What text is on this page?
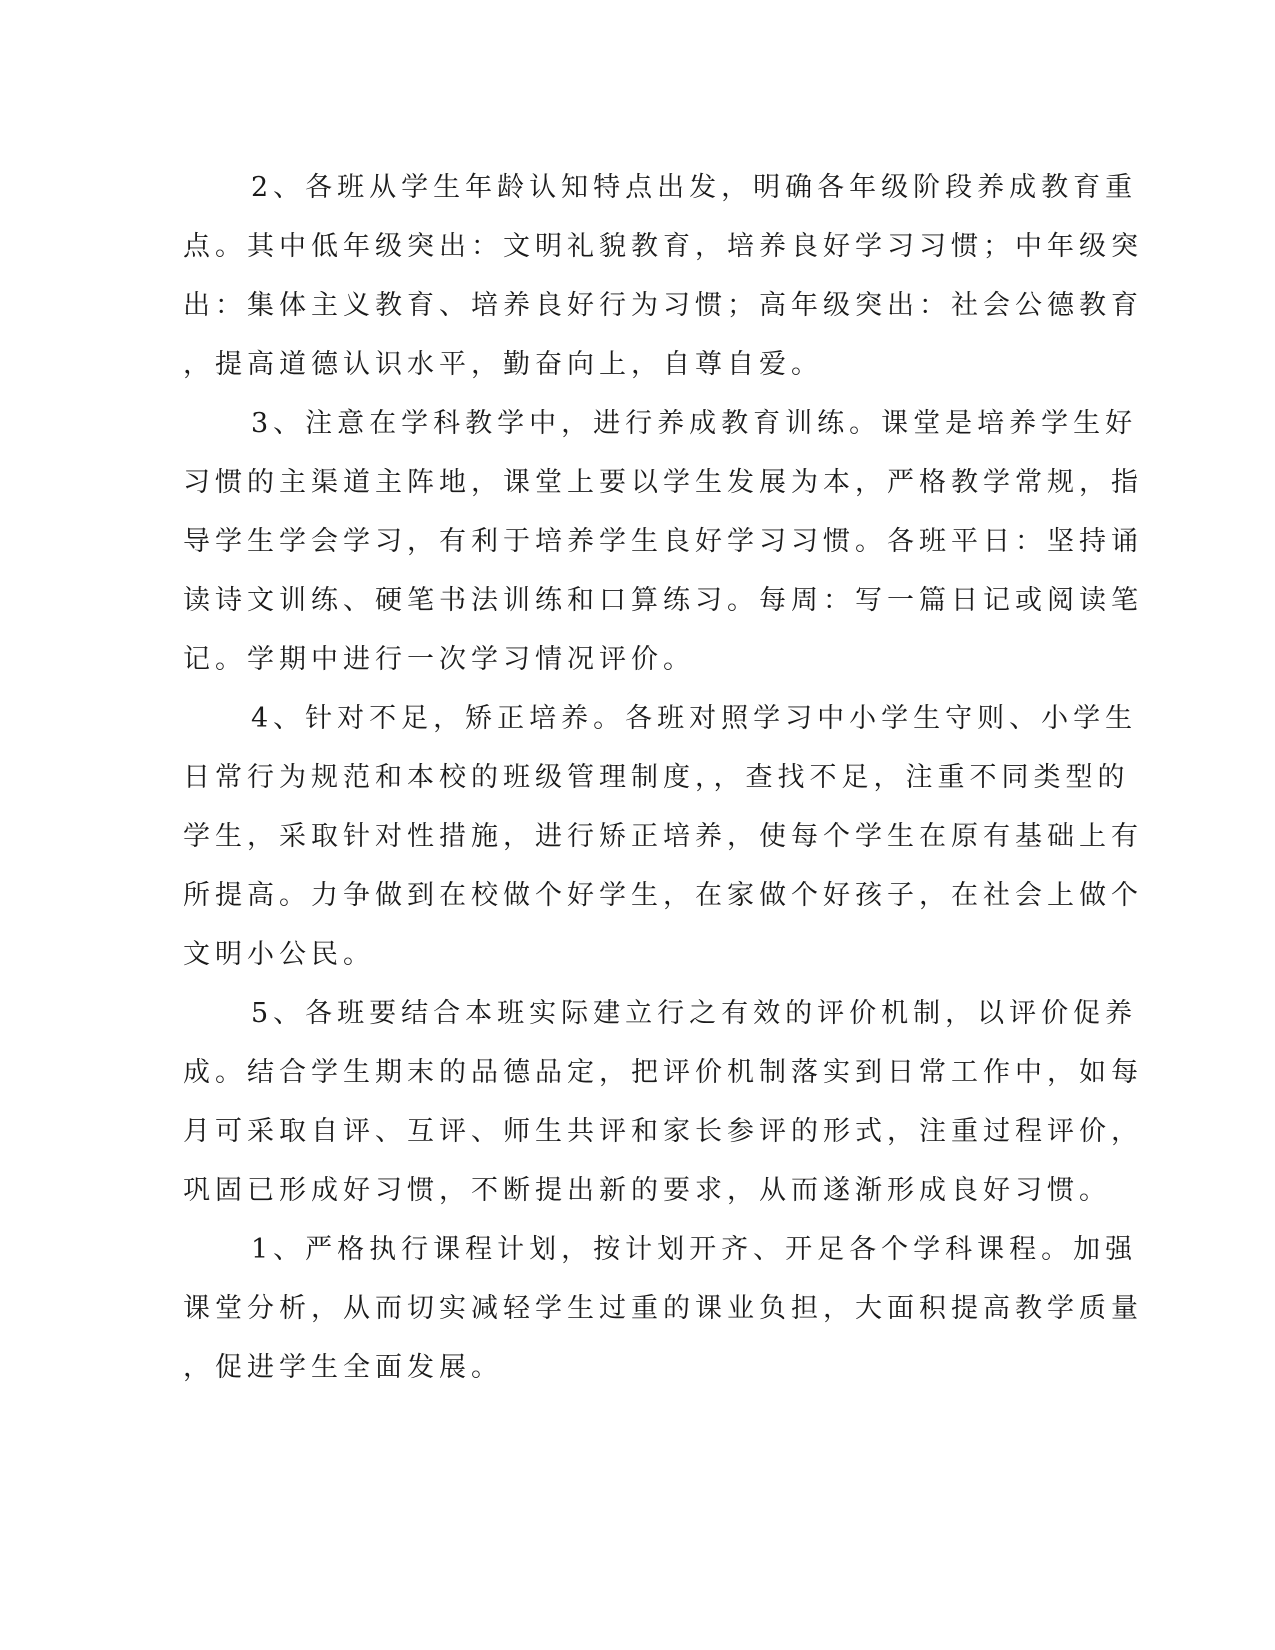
2、各班从学生年龄认知特点出发，明确各年级阶段养成教育重
点。其中低年级突出：文明礼貌教育，培养良好学习习惯；中年级突
出：集体主义教育、培养良好行为习惯；高年级突出：社会公德教育
，提高道德认识水平，勤奋向上，自尊自爱。
3、注意在学科教学中，进行养成教育训练。课堂是培养学生好
习惯的主渠道主阵地，课堂上要以学生发展为本，严格教学常规，指
导学生学会学习，有利于培养学生良好学习习惯。各班平日：坚持诵
读诗文训练、硬笔书法训练和口算练习。每周：写一篇日记或阅读笔
记。学期中进行一次学习情况评价。
4、针对不足，矫正培养。各班对照学习中小学生守则、小学生
日常行为规范和本校的班级管理制度，，查找不足，注重不同类型的
学生，采取针对性措施，进行矫正培养，使每个学生在原有基础上有
所提高。力争做到在校做个好学生，在家做个好孩子，在社会上做个
文明小公民。
5、各班要结合本班实际建立行之有效的评价机制，以评价促养
成。结合学生期末的品德品定，把评价机制落实到日常工作中，如每
月可采取自评、互评、师生共评和家长参评的形式，注重过程评价，
巩固已形成好习惯，不断提出新的要求，从而遂渐形成良好习惯。
1、严格执行课程计划，按计划开齐、开足各个学科课程。加强
课堂分析，从而切实减轻学生过重的课业负担，大面积提高教学质量
，促进学生全面发展。
